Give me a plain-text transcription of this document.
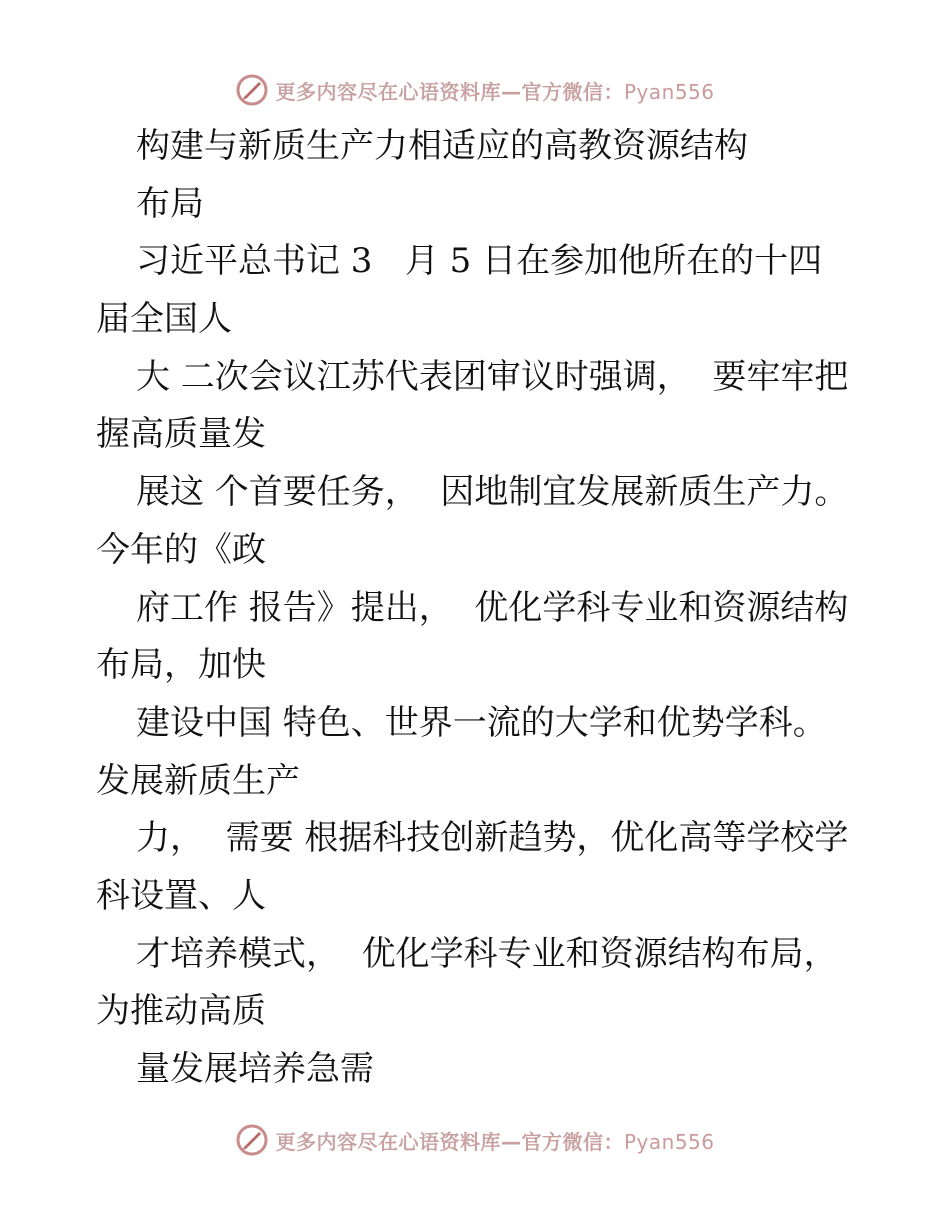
更多内容尽在心语资料库—官方微信：Pyan556
构建与新质生产力相适应的高教资源结构
布局
习近平总书记 3   月 5 日在参加他所在的十四
届全国人
大 二次会议江苏代表团审议时强调，  要牢牢把
握高质量发
展这 个首要任务，  因地制宜发展新质生产力。
今年的《政
府工作 报告》提出，  优化学科专业和资源结构
布局，加快
建设中国 特色、世界一流的大学和优势学科。
发展新质生产
力，  需要 根据科技创新趋势，优化高等学校学
科设置、人
才培养模式，  优化学科专业和资源结构布局，
为推动高质
量发展培养急需
更多内容尽在心语资料库—官方微信：Pyan556
